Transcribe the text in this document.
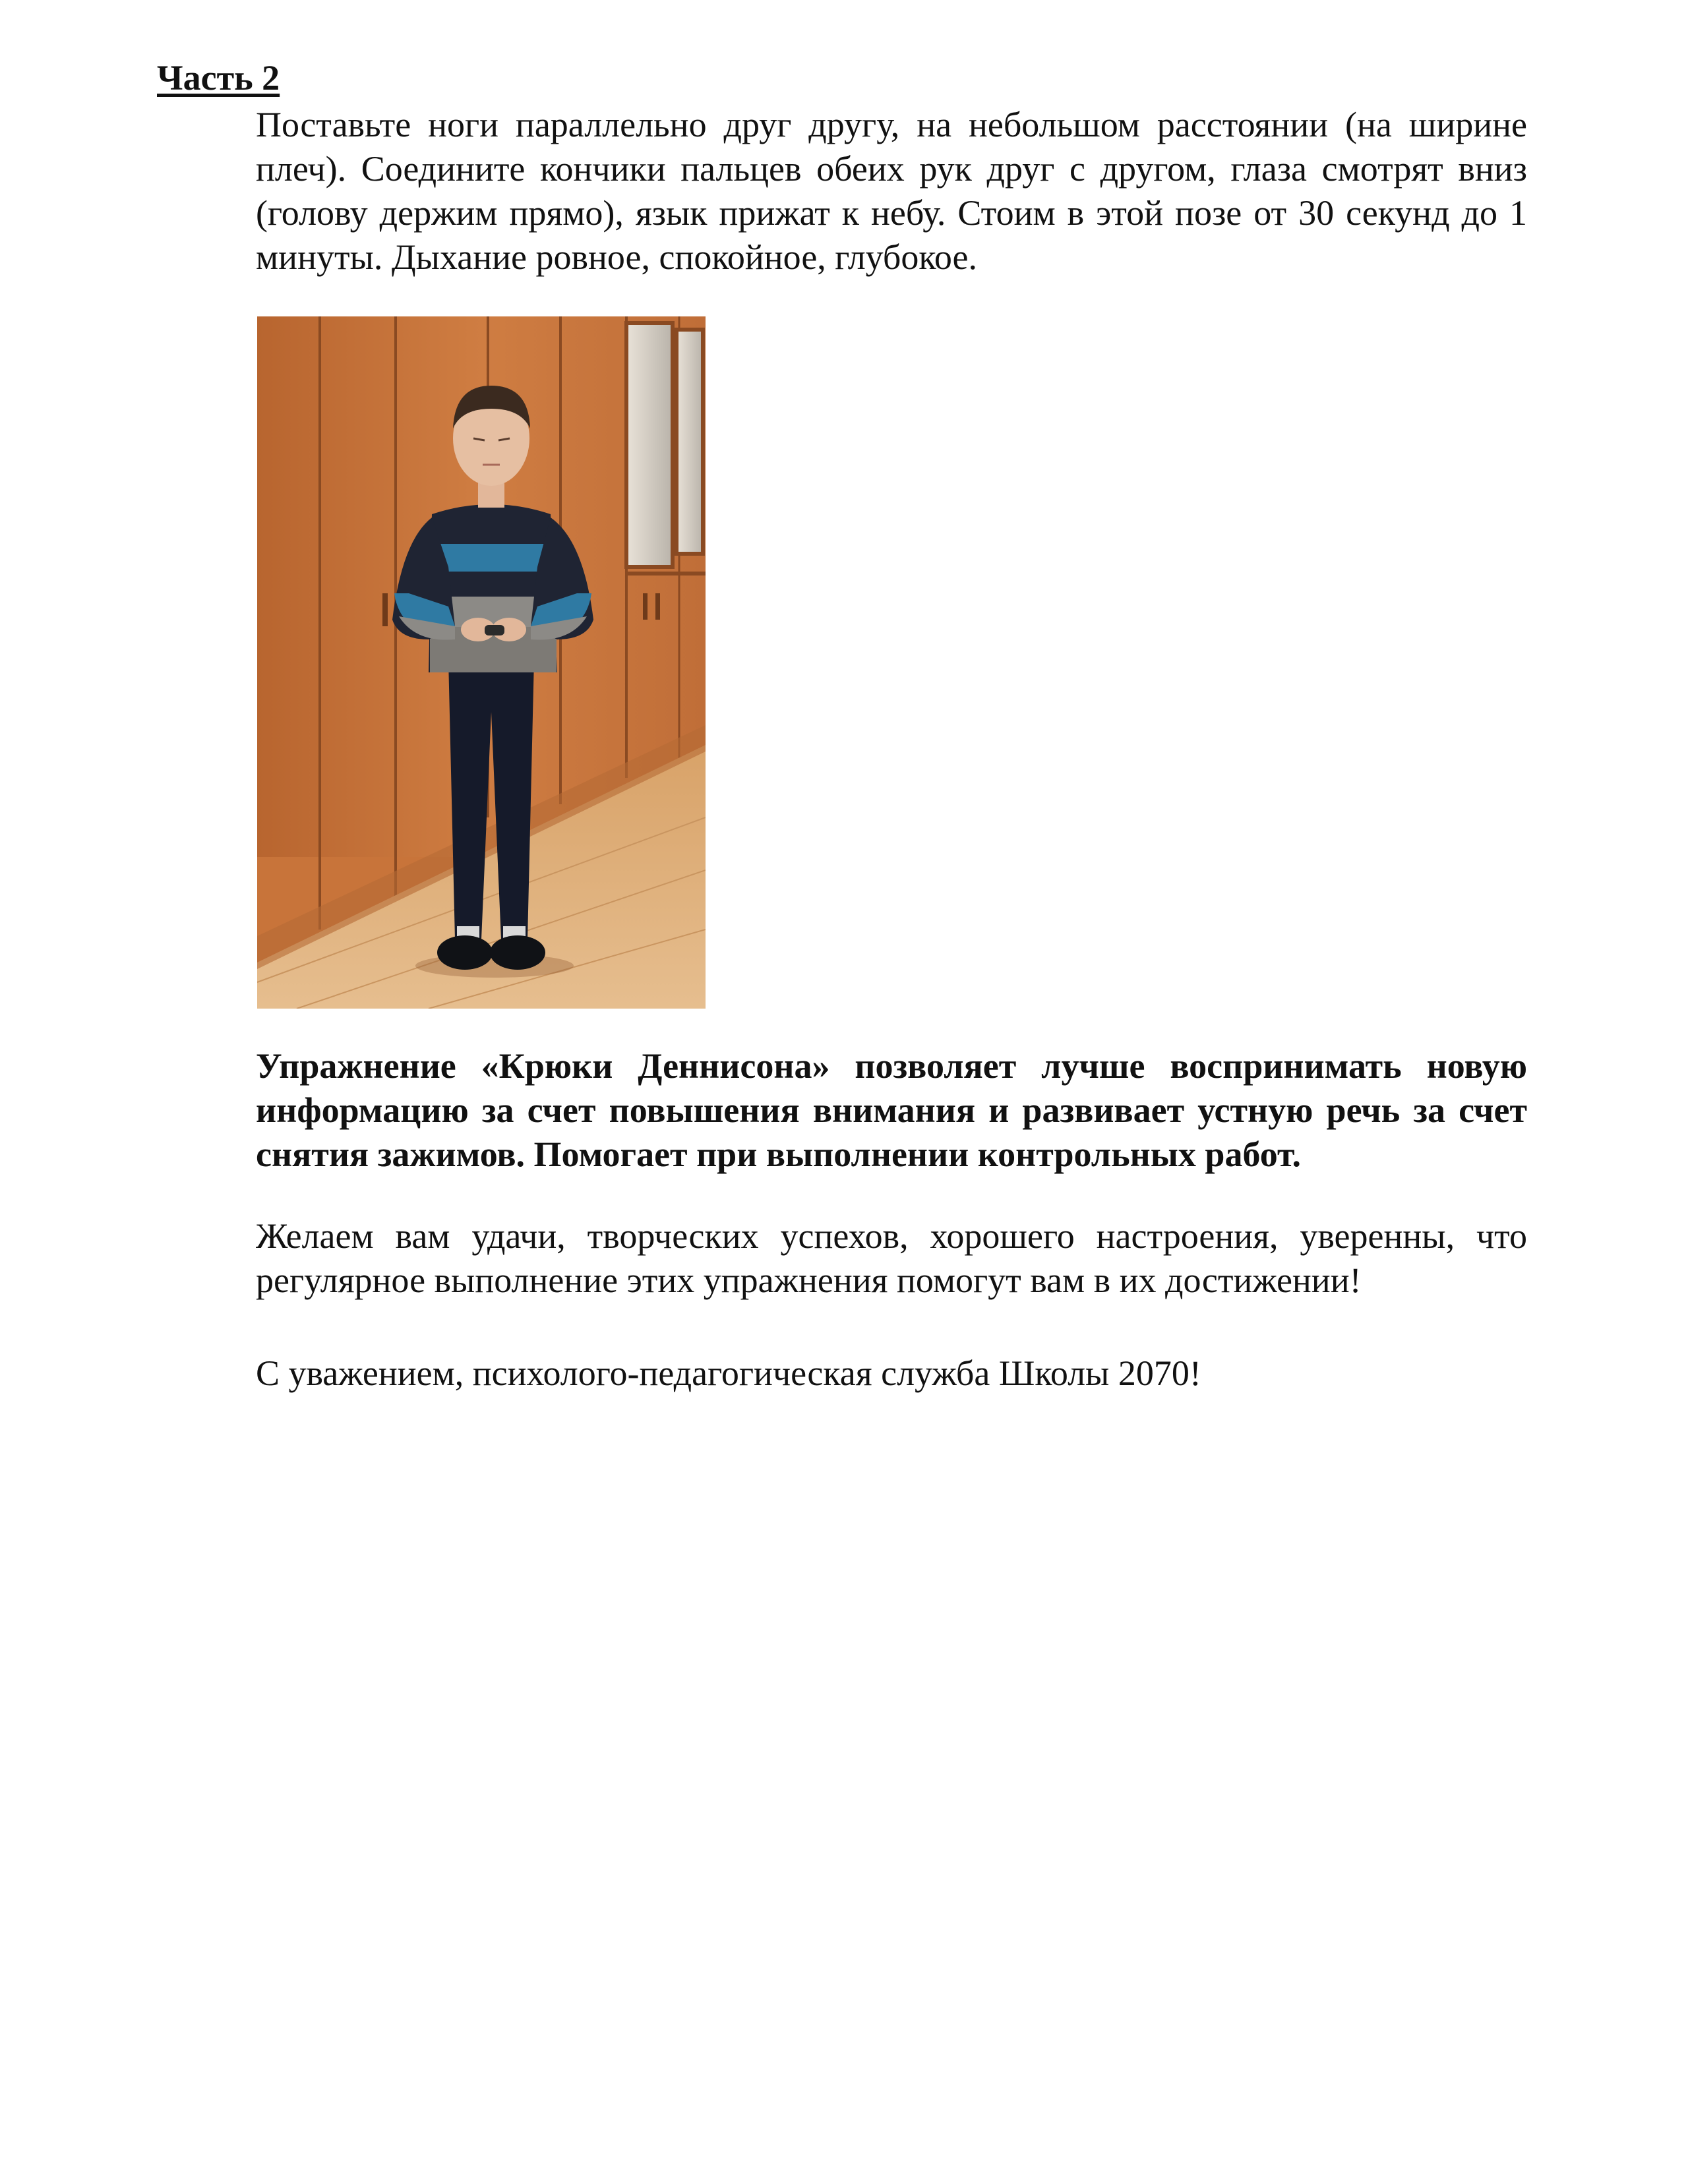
Часть 2

Поставьте ноги параллельно друг другу, на небольшом расстоянии (на ширине плеч). Соедините кончики пальцев обеих рук друг с другом, глаза смотрят вниз (голову держим прямо), язык прижат к небу. Стоим в этой позе от 30 секунд до 1 минуты. Дыхание ровное, спокойное, глубокое.

Упражнение «Крюки Деннисона» позволяет лучше воспринимать новую информацию за счет повышения внимания и развивает устную речь за счет снятия зажимов. Помогает при выполнении контрольных работ.

Желаем вам удачи, творческих успехов, хорошего настроения, уверенны, что регулярное выполнение этих упражнения помогут вам в их достижении!

С уважением, психолого-педагогическая служба Школы 2070!
